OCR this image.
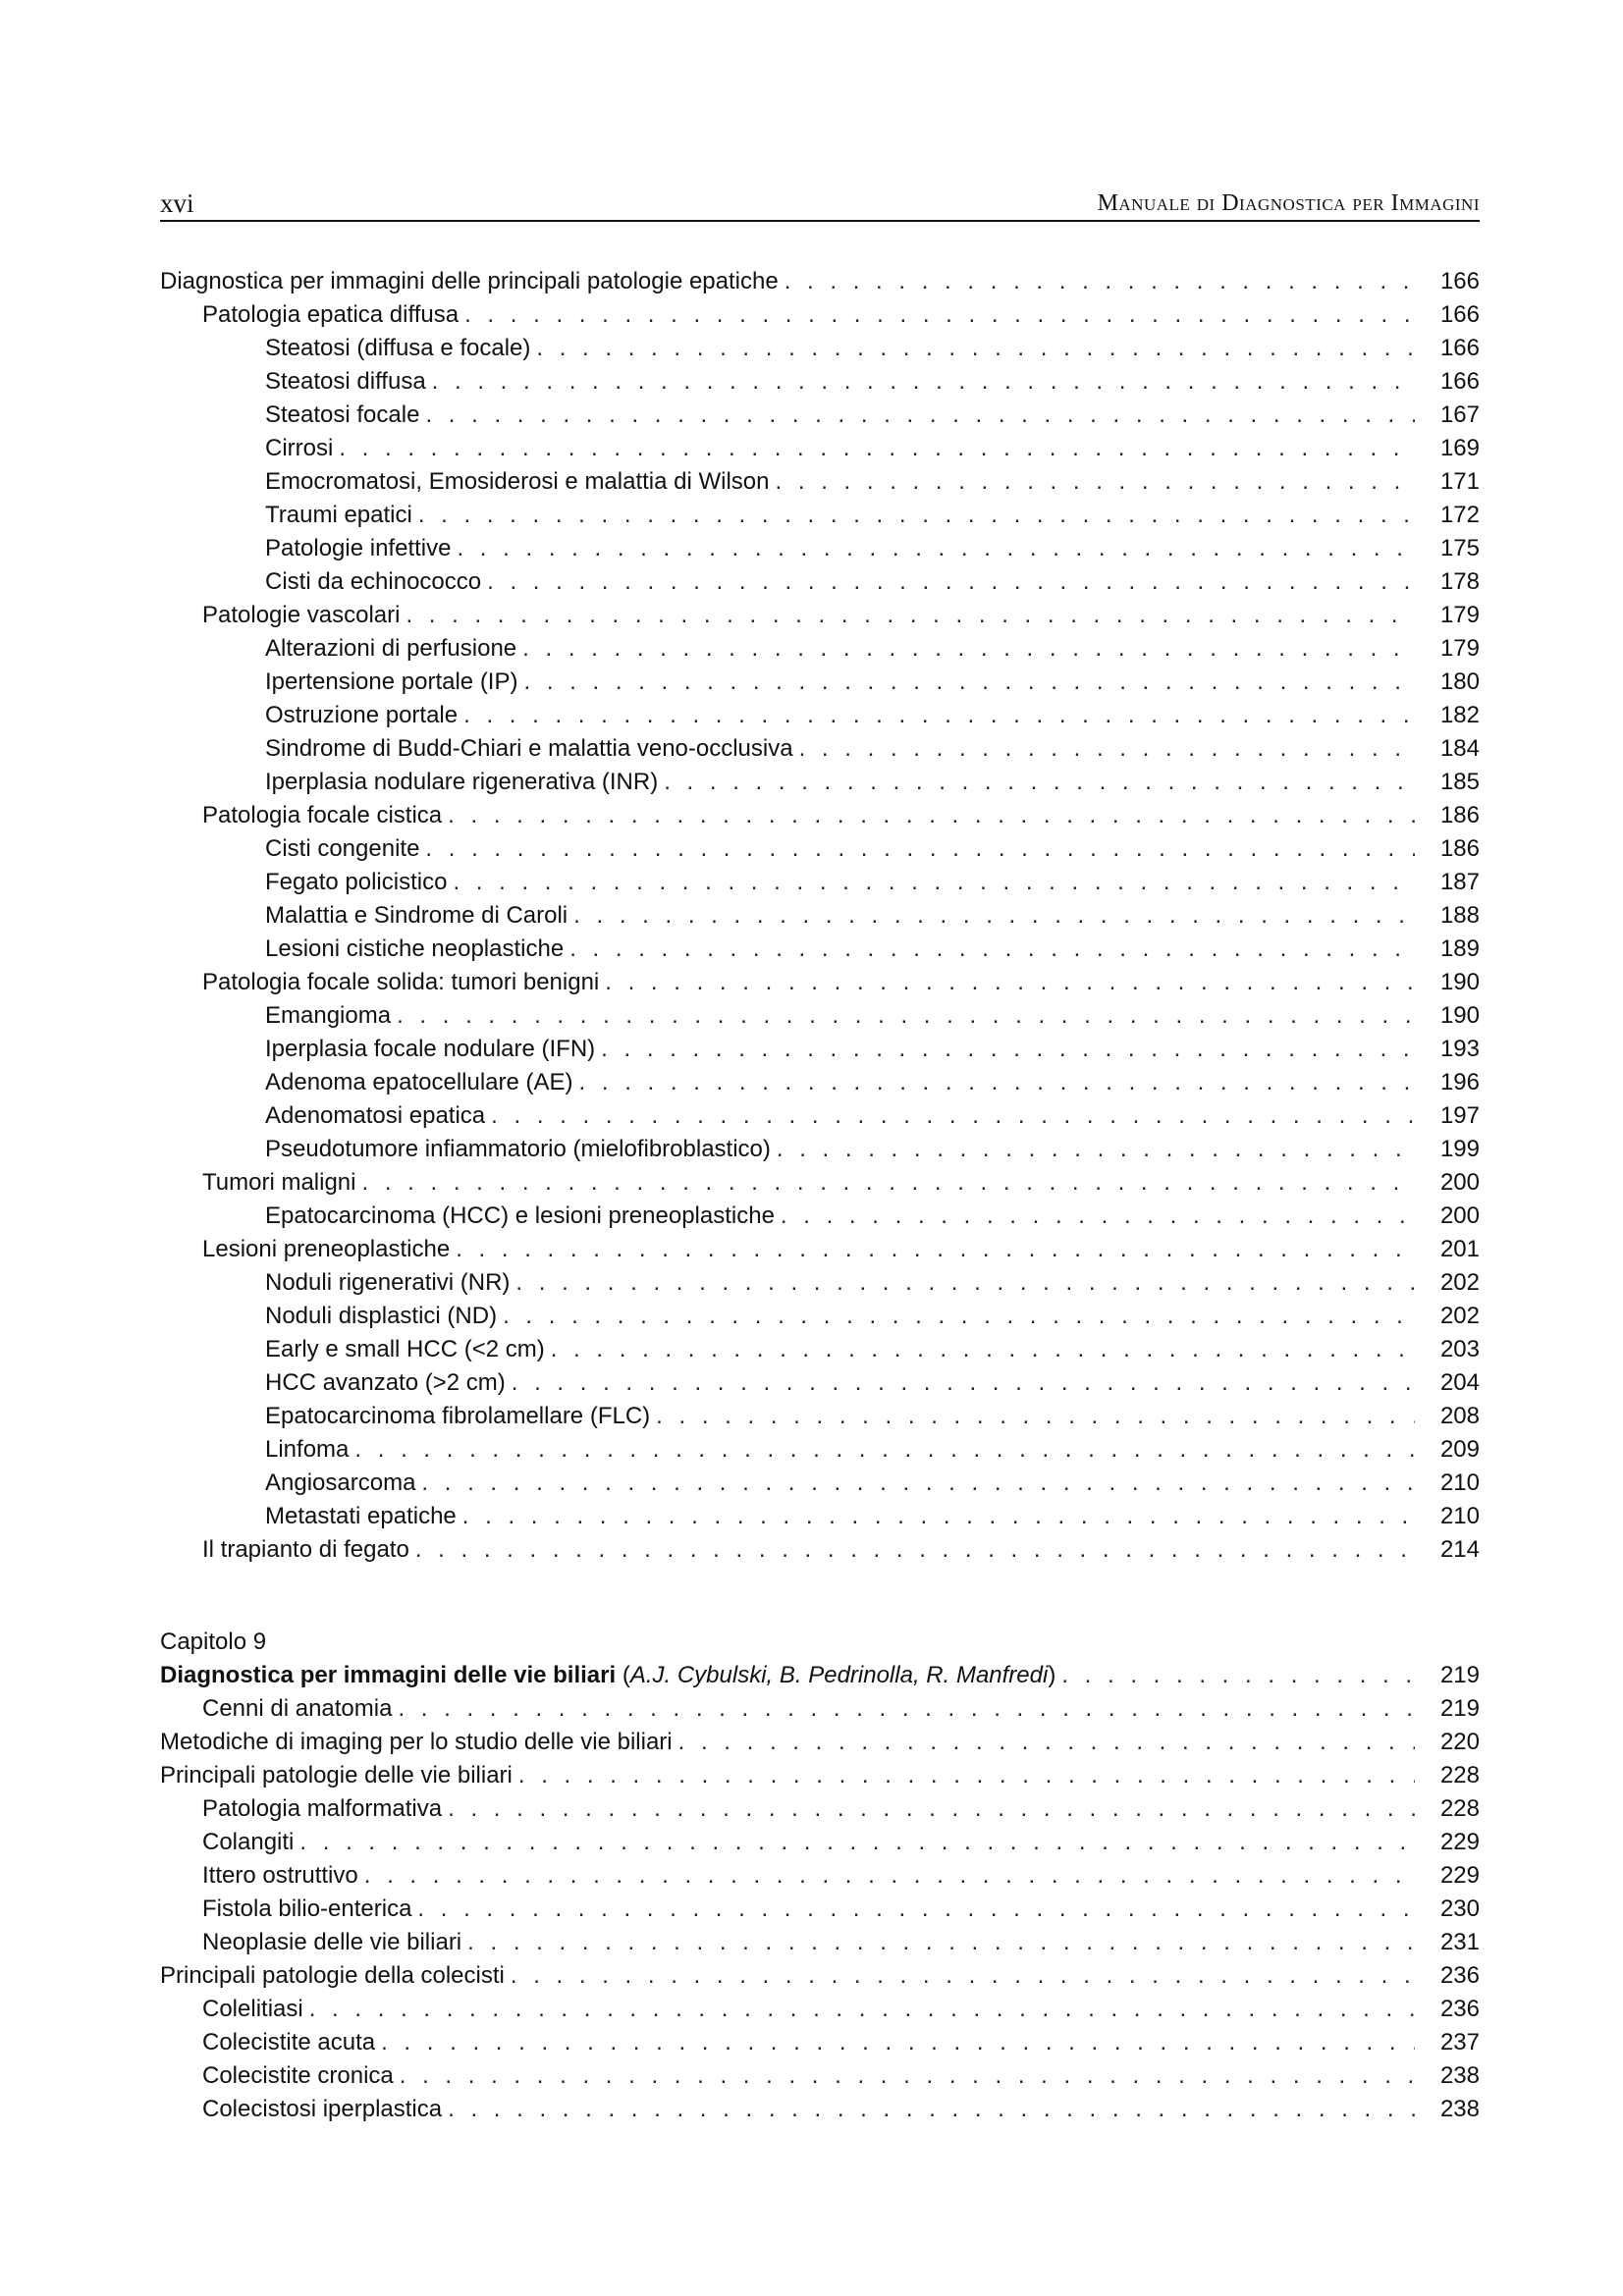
xvi	Manuale di Diagnostica per Immagini
Diagnostica per immagini delle principali patologie epatiche . . .	166
Patologia epatica diffusa . . .	166
Steatosi (diffusa e focale) . . .	166
Steatosi diffusa . . .	166
Steatosi focale . . .	167
Cirrosi . . .	169
Emocromatosi, Emosiderosi e malattia di Wilson . . .	171
Traumi epatici . . .	172
Patologie infettive . . .	175
Cisti da echinococco . . .	178
Patologie vascolari . . .	179
Alterazioni di perfusione . . .	179
Ipertensione portale (IP) . . .	180
Ostruzione portale . . .	182
Sindrome di Budd-Chiari e malattia veno-occlusiva . . .	184
Iperplasia nodulare rigenerativa (INR) . . .	185
Patologia focale cistica . . .	186
Cisti congenite . . .	186
Fegato policistico . . .	187
Malattia e Sindrome di Caroli . . .	188
Lesioni cistiche neoplastiche . . .	189
Patologia focale solida: tumori benigni . . .	190
Emangioma . . .	190
Iperplasia focale nodulare (IFN) . . .	193
Adenoma epatocellulare (AE) . . .	196
Adenomatosi epatica . . .	197
Pseudotumore infiammatorio (mielofibroblastico) . . .	199
Tumori maligni . . .	200
Epatocarcinoma (HCC) e lesioni preneoplastiche . . .	200
Lesioni preneoplastiche . . .	201
Noduli rigenerativi (NR) . . .	202
Noduli displastici (ND) . . .	202
Early e small HCC (<2 cm) . . .	203
HCC avanzato (>2 cm) . . .	204
Epatocarcinoma fibrolamellare (FLC) . . .	208
Linfoma . . .	209
Angiosarcoma . . .	210
Metastati epatiche . . .	210
Il trapianto di fegato . . .	214
Capitolo 9
Diagnostica per immagini delle vie biliari (A.J. Cybulski, B. Pedrinolla, R. Manfredi) . . .	219
Cenni di anatomia . . .	219
Metodiche di imaging per lo studio delle vie biliari . . .	220
Principali patologie delle vie biliari . . .	228
Patologia malformativa . . .	228
Colangiti . . .	229
Ittero ostruttivo . . .	229
Fistola bilio-enterica . . .	230
Neoplasie delle vie biliari . . .	231
Principali patologie della colecisti . . .	236
Colelitiasi . . .	236
Colecistite acuta . . .	237
Colecistite cronica . . .	238
Colecistosi iperplastica . . .	238
